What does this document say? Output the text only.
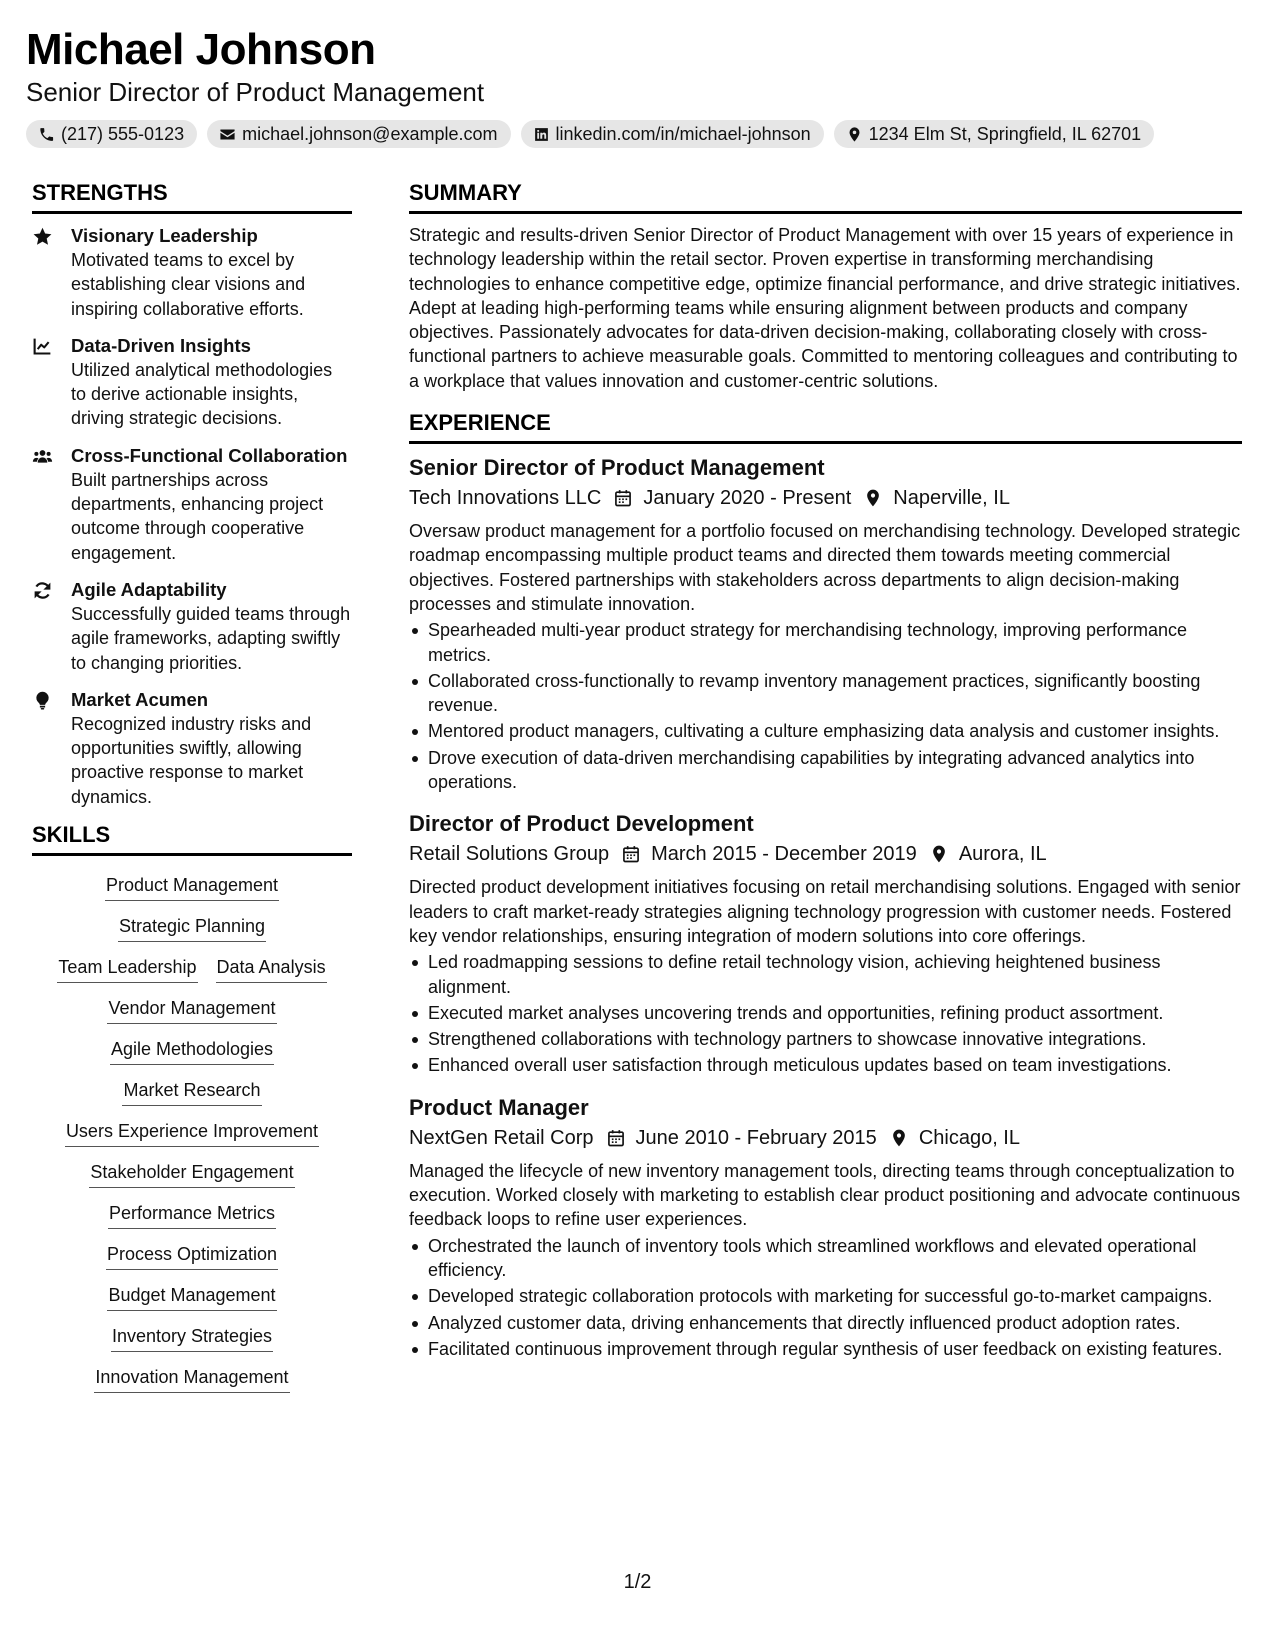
Michael Johnson
Senior Director of Product Management
(217) 555-0123	michael.johnson@example.com	linkedin.com/in/michael-johnson	1234 Elm St, Springfield, IL 62701
STRENGTHS
Visionary Leadership
Motivated teams to excel by establishing clear visions and inspiring collaborative efforts.
Data-Driven Insights
Utilized analytical methodologies to derive actionable insights, driving strategic decisions.
Cross-Functional Collaboration
Built partnerships across departments, enhancing project outcome through cooperative engagement.
Agile Adaptability
Successfully guided teams through agile frameworks, adapting swiftly to changing priorities.
Market Acumen
Recognized industry risks and opportunities swiftly, allowing proactive response to market dynamics.
SKILLS
Product Management
Strategic Planning
Team Leadership Data Analysis
Vendor Management
Agile Methodologies
Market Research
Users Experience Improvement
Stakeholder Engagement
Performance Metrics
Process Optimization
Budget Management
Inventory Strategies
Innovation Management
SUMMARY
Strategic and results-driven Senior Director of Product Management with over 15 years of experience in technology leadership within the retail sector. Proven expertise in transforming merchandising technologies to enhance competitive edge, optimize financial performance, and drive strategic initiatives. Adept at leading high-performing teams while ensuring alignment between products and company objectives. Passionately advocates for data-driven decision-making, collaborating closely with cross-functional partners to achieve measurable goals. Committed to mentoring colleagues and contributing to a workplace that values innovation and customer-centric solutions.
EXPERIENCE
Senior Director of Product Management
Tech Innovations LLC January 2020 - Present Naperville, IL
Oversaw product management for a portfolio focused on merchandising technology. Developed strategic roadmap encompassing multiple product teams and directed them towards meeting commercial objectives. Fostered partnerships with stakeholders across departments to align decision-making processes and stimulate innovation.
Spearheaded multi-year product strategy for merchandising technology, improving performance metrics.
Collaborated cross-functionally to revamp inventory management practices, significantly boosting revenue.
Mentored product managers, cultivating a culture emphasizing data analysis and customer insights.
Drove execution of data-driven merchandising capabilities by integrating advanced analytics into operations.
Director of Product Development
Retail Solutions Group March 2015 - December 2019 Aurora, IL
Directed product development initiatives focusing on retail merchandising solutions. Engaged with senior leaders to craft market-ready strategies aligning technology progression with customer needs. Fostered key vendor relationships, ensuring integration of modern solutions into core offerings.
Led roadmapping sessions to define retail technology vision, achieving heightened business alignment.
Executed market analyses uncovering trends and opportunities, refining product assortment.
Strengthened collaborations with technology partners to showcase innovative integrations.
Enhanced overall user satisfaction through meticulous updates based on team investigations.
Product Manager
NextGen Retail Corp June 2010 - February 2015 Chicago, IL
Managed the lifecycle of new inventory management tools, directing teams through conceptualization to execution. Worked closely with marketing to establish clear product positioning and advocate continuous feedback loops to refine user experiences.
Orchestrated the launch of inventory tools which streamlined workflows and elevated operational efficiency.
Developed strategic collaboration protocols with marketing for successful go-to-market campaigns.
Analyzed customer data, driving enhancements that directly influenced product adoption rates.
Facilitated continuous improvement through regular synthesis of user feedback on existing features.
1/2
